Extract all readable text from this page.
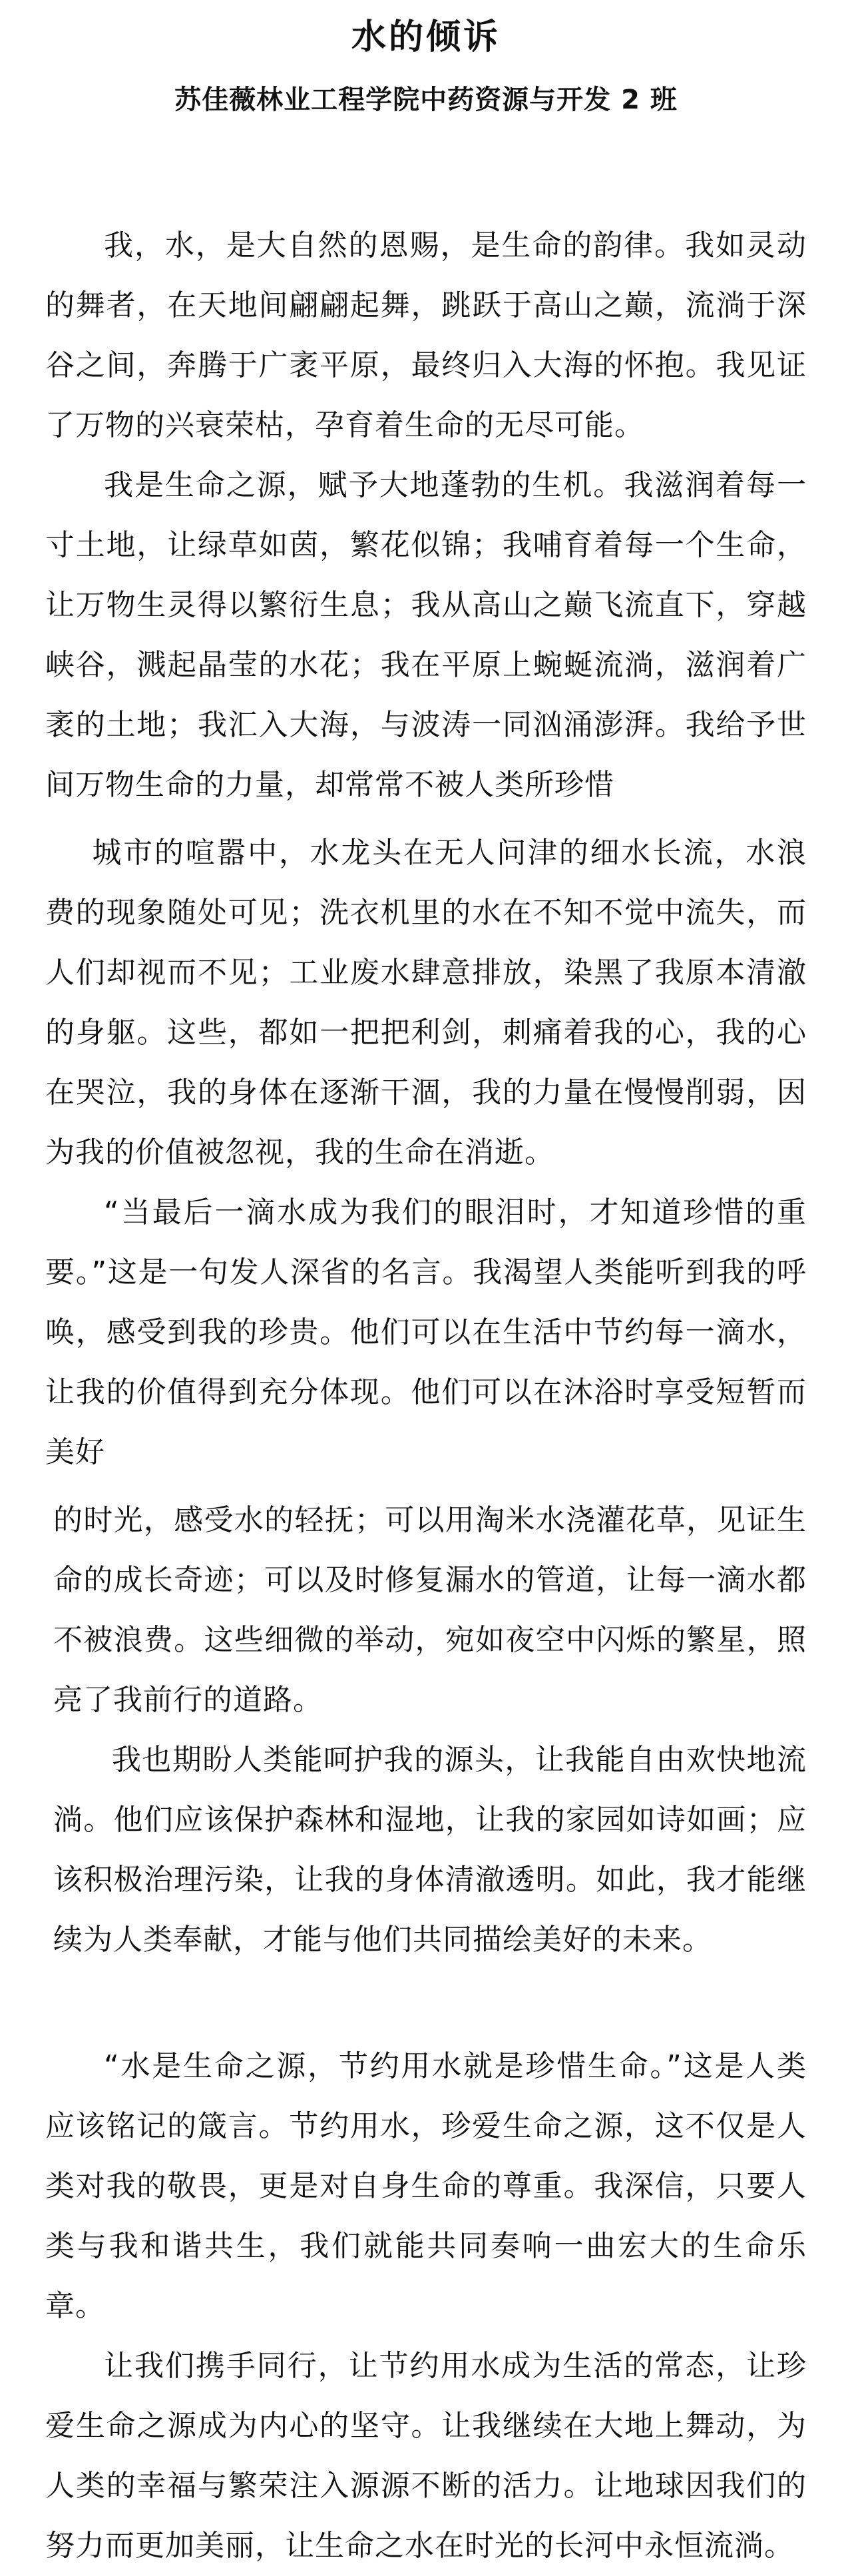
水的倾诉
苏佳薇林业工程学院中药资源与开发 2 班

我，水，是大自然的恩赐，是生命的韵律。我如灵动的舞者，在天地间翩翩起舞，跳跃于高山之巅，流淌于深谷之间，奔腾于广袤平原，最终归入大海的怀抱。我见证了万物的兴衰荣枯，孕育着生命的无尽可能。

我是生命之源，赋予大地蓬勃的生机。我滋润着每一寸土地，让绿草如茵，繁花似锦；我哺育着每一个生命，让万物生灵得以繁衍生息；我从高山之巅飞流直下，穿越峡谷，溅起晶莹的水花；我在平原上蜿蜒流淌，滋润着广袤的土地；我汇入大海，与波涛一同汹涌澎湃。我给予世间万物生命的力量，却常常不被人类所珍惜

城市的喧嚣中，水龙头在无人问津的细水长流，水浪费的现象随处可见；洗衣机里的水在不知不觉中流失，而人们却视而不见；工业废水肆意排放，染黑了我原本清澈的身躯。这些，都如一把把利剑，刺痛着我的心，我的心在哭泣，我的身体在逐渐干涸，我的力量在慢慢削弱，因为我的价值被忽视，我的生命在消逝。

“当最后一滴水成为我们的眼泪时，才知道珍惜的重要。”这是一句发人深省的名言。我渴望人类能听到我的呼唤，感受到我的珍贵。他们可以在生活中节约每一滴水，让我的价值得到充分体现。他们可以在沐浴时享受短暂而美好

的时光，感受水的轻抚；可以用淘米水浇灌花草，见证生命的成长奇迹；可以及时修复漏水的管道，让每一滴水都不被浪费。这些细微的举动，宛如夜空中闪烁的繁星，照亮了我前行的道路。

我也期盼人类能呵护我的源头，让我能自由欢快地流淌。他们应该保护森林和湿地，让我的家园如诗如画；应该积极治理污染，让我的身体清澈透明。如此，我才能继续为人类奉献，才能与他们共同描绘美好的未来。

“水是生命之源，节约用水就是珍惜生命。”这是人类应该铭记的箴言。节约用水，珍爱生命之源，这不仅是人类对我的敬畏，更是对自身生命的尊重。我深信，只要人类与我和谐共生，我们就能共同奏响一曲宏大的生命乐章。

让我们携手同行，让节约用水成为生活的常态，让珍爱生命之源成为内心的坚守。让我继续在大地上舞动，为人类的幸福与繁荣注入源源不断的活力。让地球因我们的努力而更加美丽，让生命之水在时光的长河中永恒流淌。
